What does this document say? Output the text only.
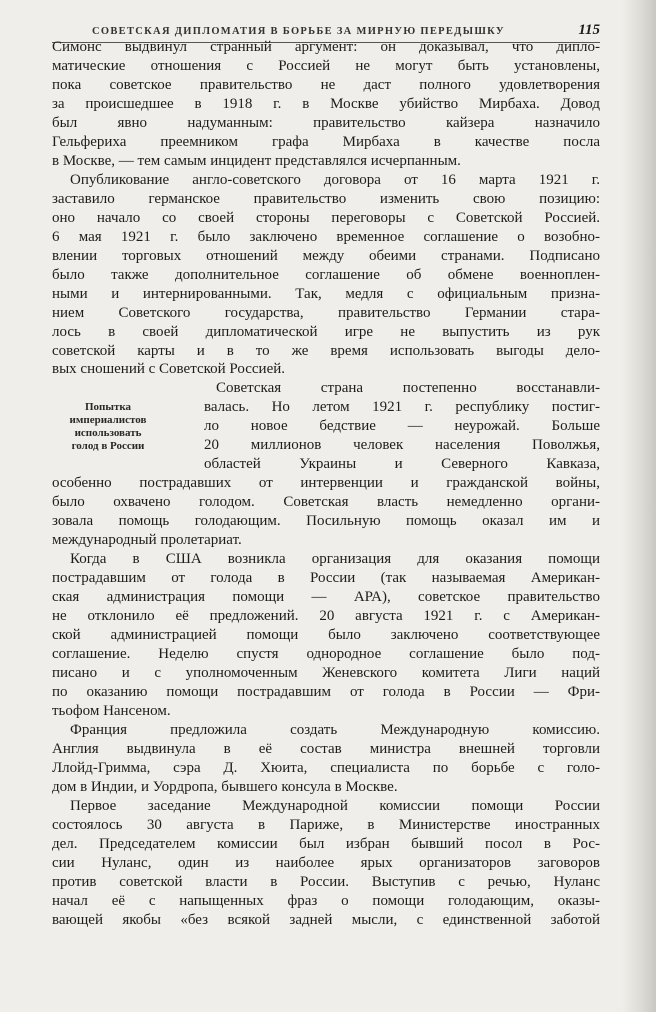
СОВЕТСКАЯ ДИПЛОМАТИЯ В БОРЬБЕ ЗА МИРНУЮ ПЕРЕДЫШКУ	115
Попытка
империалистов
использовать
голод в России
Симонс выдвинул странный аргумент: он доказывал, что дипло-
матические отношения с Россией не могут быть установлены,
пока советское правительство не даст полного удовлетворения
за происшедшее в 1918 г. в Москве убийство Мирбаха. Довод
был явно надуманным: правительство кайзера назначило
Гельфериха преемником графа Мирбаха в качестве посла
в Москве, — тем самым инцидент представлялся исчерпанным.
Опубликование англо-советского договора от 16 марта 1921 г.
заставило германское правительство изменить свою позицию:
оно начало со своей стороны переговоры с Советской Россией.
6 мая 1921 г. было заключено временное соглашение о возобно-
влении торговых отношений между обеими странами. Подписано
было также дополнительное соглашение об обмене военноплен-
ными и интернированными. Так, медля с официальным призна-
нием Советского государства, правительство Германии стара-
лось в своей дипломатической игре не выпустить из рук
советской карты и в то же время использовать выгоды дело-
вых сношений с Советской Россией.
Советская страна постепенно восстанавли-
валась. Но летом 1921 г. республику постиг-
ло новое бедствие — неурожай. Больше
20 миллионов человек населения Поволжья,
областей Украины и Северного Кавказа,
особенно пострадавших от интервенции и гражданской войны,
было охвачено голодом. Советская власть немедленно органи-
зовала помощь голодающим. Посильную помощь оказал им и
международный пролетариат.
Когда в США возникла организация для оказания помощи
пострадавшим от голода в России (так называемая Американ-
ская администрация помощи — АРА), советское правительство
не отклонило её предложений. 20 августа 1921 г. с Американ-
ской администрацией помощи было заключено соответствующее
соглашение. Неделю спустя однородное соглашение было под-
писано и с уполномоченным Женевского комитета Лиги наций
по оказанию помощи пострадавшим от голода в России — Фри-
тьофом Нансеном.
Франция предложила создать Международную комиссию.
Англия выдвинула в её состав министра внешней торговли
Ллойд-Гримма, сэра Д. Хюита, специалиста по борьбе с голо-
дом в Индии, и Уордропа, бывшего консула в Москве.
Первое заседание Международной комиссии помощи России
состоялось 30 августа в Париже, в Министерстве иностранных
дел. Председателем комиссии был избран бывший посол в Рос-
сии Нуланс, один из наиболее ярых организаторов заговоров
против советской власти в России. Выступив с речью, Нуланс
начал её с напыщенных фраз о помощи голодающим, оказы-
вающей якобы «без всякой задней мысли, с единственной заботой
